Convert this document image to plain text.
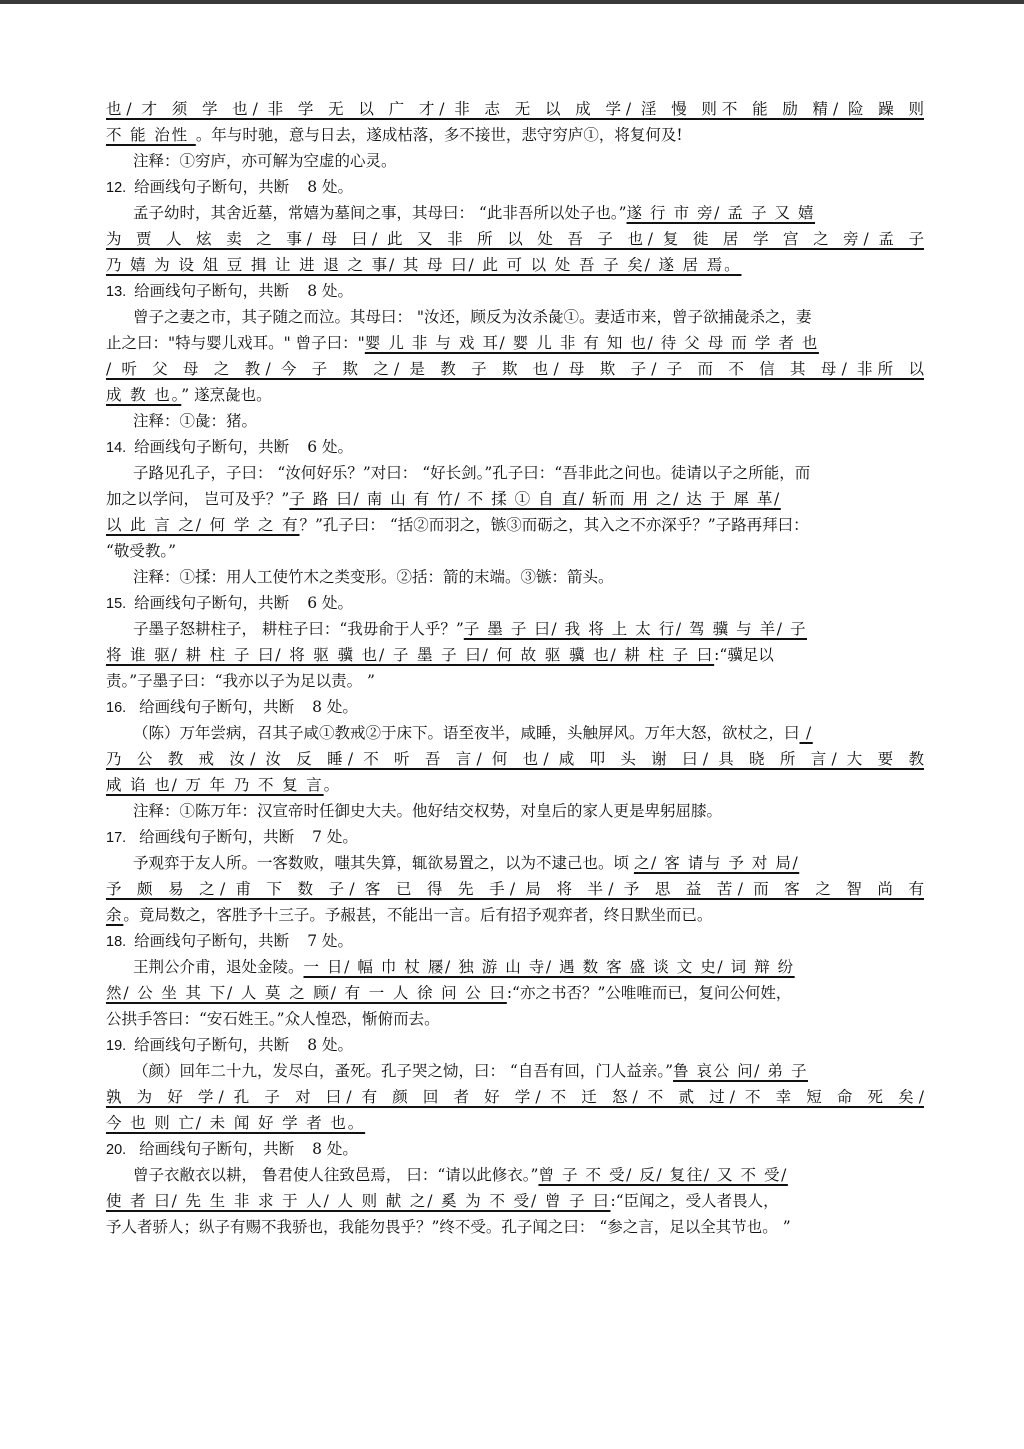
也/ 才 须 学 也/ 非 学 无 以 广 才/ 非 志 无 以 成 学/ 淫 慢 则不 能 励 精/ 险 躁 则
不 能 治性 。年与时驰，意与日去，遂成枯落，多不接世，悲守穷庐①，将复何及!
注释：①穷庐，亦可解为空虚的心灵。
12. 给画线句子断句，共断 8 处。
孟子幼时，其舍近墓，常嬉为墓间之事，其母曰： “此非吾所以处子也。”遂 行 市 旁/ 孟 子 又 嬉
为 贾 人 炫 卖 之 事/ 母 曰/ 此 又 非 所 以 处 吾 子 也/ 复 徙 居 学 宫 之 旁/ 孟 子
乃 嬉 为 设 俎 豆 揖 让 进 退 之 事/ 其 母 曰/ 此 可 以 处 吾 子 矣/ 遂 居 焉。
13. 给画线句子断句，共断 8 处。
曾子之妻之市，其子随之而泣。其母曰： "汝还，顾反为汝杀彘①。妻适市来，曾子欲捕彘杀之，妻
止之曰："特与婴儿戏耳。" 曾子曰："婴 儿 非 与 戏 耳/ 婴 儿 非 有 知 也/ 待 父 母 而 学 者 也
/ 听 父 母 之 教/ 今 子 欺 之/ 是 教 子 欺 也/ 母 欺 子/ 子 而 不 信 其 母/ 非所 以
成 教 也。” 遂烹彘也。
注释：①彘：猪。
14. 给画线句子断句，共断 6 处。
子路见孔子，子曰： “汝何好乐？”对曰： “好长剑。”孔子曰：“吾非此之问也。徒请以子之所能，而
加之以学问， 岂可及乎？”子 路 曰/ 南 山 有 竹/ 不 揉 ① 自 直/ 斩而 用 之/ 达 于 犀 革/
以 此 言 之/ 何 学 之 有？”孔子曰： “括②而羽之，镞③而砺之，其入之不亦深乎？”子路再拜曰：
“敬受教。”
注释：①揉：用人工使竹木之类变形。②括：箭的末端。③镞：箭头。
15. 给画线句子断句，共断 6 处。
子墨子怒耕柱子， 耕柱子曰：“我毋俞于人乎？”子 墨 子 曰/ 我 将 上 太 行/ 驾 骥 与 羊/ 子
将 谁 驱/ 耕 柱 子 曰/ 将 驱 骥 也/ 子 墨 子 曰/ 何 故 驱 骥 也/ 耕 柱 子 曰:“骥足以
责。”子墨子曰：“我亦以子为足以责。 ”
16. 给画线句子断句，共断 8 处。
（陈）万年尝病，召其子咸①教戒②于床下。语至夜半，咸睡，头触屏风。万年大怒，欲杖之，曰 /
乃 公 教 戒 汝/ 汝 反 睡/ 不 听 吾 言/ 何 也/ 咸 叩 头 谢 曰/ 具 晓 所 言/ 大 要 教
咸 谄 也/ 万 年 乃 不 复 言。
注释：①陈万年：汉宣帝时任御史大夫。他好结交权势，对皇后的家人更是卑躬屈膝。
17. 给画线句子断句，共断 7 处。
予观弈于友人所。一客数败，嗤其失算，辄欲易置之，以为不逮己也。顷 之/ 客 请与 予 对 局/
予 颇 易 之/ 甫 下 数 子/ 客 已 得 先 手/ 局 将 半/ 予 思 益 苦/ 而 客 之 智 尚 有
余。竟局数之，客胜予十三子。予赧甚，不能出一言。后有招予观弈者，终日默坐而已。
18. 给画线句子断句，共断 7 处。
王荆公介甫，退处金陵。一 日/ 幅 巾 杖 屦/ 独 游 山 寺/ 遇 数 客 盛 谈 文 史/ 词 辩 纷
然/ 公 坐 其 下/ 人 莫 之 顾/ 有 一 人 徐 问 公 曰:“亦之书否？”公唯唯而已，复问公何姓，
公拱手答曰：“安石姓王。”众人惶恐，惭俯而去。
19. 给画线句子断句，共断 8 处。
（颜）回年二十九，发尽白，蚤死。孔子哭之恸，曰： “自吾有回，门人益亲。”鲁 哀公 问/ 弟 子
孰 为 好 学/ 孔 子 对 曰/ 有 颜 回 者 好 学/ 不 迁 怒/ 不 贰 过/ 不 幸 短 命 死 矣/
今 也 则 亡/ 未 闻 好 学 者 也。
20. 给画线句子断句，共断 8 处。
曾子衣敝衣以耕， 鲁君使人往致邑焉， 曰：“请以此修衣。”曾 子 不 受/ 反/ 复往/ 又 不 受/
使 者 曰/ 先 生 非 求 于 人/ 人 则 献 之/ 奚 为 不 受/ 曾 子 曰:“臣闻之，受人者畏人，
予人者骄人；纵子有赐不我骄也，我能勿畏乎？”终不受。孔子闻之曰： “参之言，足以全其节也。 ”
